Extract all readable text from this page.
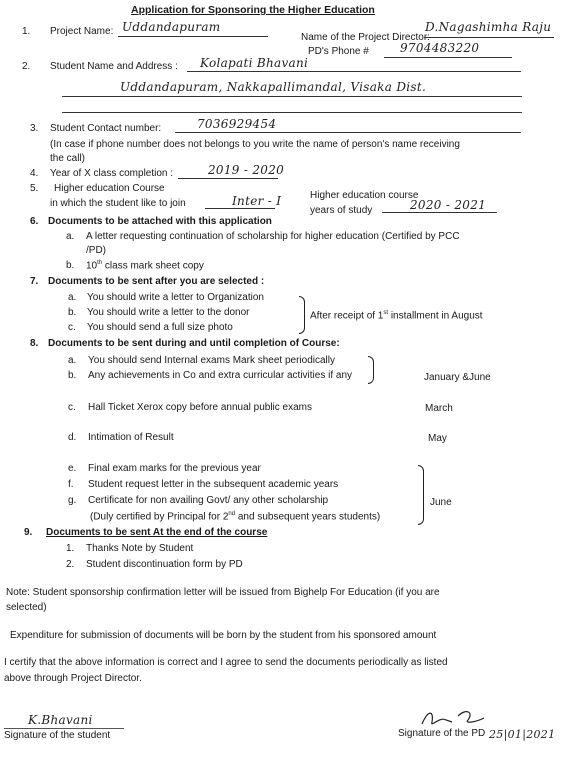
Application for Sponsoring the Higher Education
1. Project Name: Uddandapuram
Name of the Project Director:
D.Nagashimha Raju
PD's Phone #	9704483220
2. Student Name and Address : Kolapati Bhavani
Uddandapuram, Nakkapallimandal, Visaka Dist.
3. Student Contact number:	7036929454
(In case if phone number does not belongs to you write the name of person's name receiving
the call)
4. Year of X class completion :	2019 - 2020
5. Higher education Course
in which the student like to join	Inter - I	Higher education course
years of study	2020 - 2021
6. Documents to be attached with this application
a. A letter requesting continuation of scholarship for higher education (Certified by PCC
/PD)
b. 10th class mark sheet copy
7. Documents to be sent after you are selected :
a. You should write a letter to Organization
b. You should write a letter to the donor
c. You should send a full size photo
After receipt of 1st installment in August
8. Documents to be sent during and until completion of Course:
a. You should send Internal exams Mark sheet periodically
b. Any achievements in Co and extra curricular activities if any	January &June
c. Hall Ticket Xerox copy before annual public exams	March
d. Intimation of Result	May
e. Final exam marks for the previous year
f. Student request letter in the subsequent academic years
g. Certificate for non availing Govt/ any other scholarship
(Duly certified by Principal for 2nd and subsequent years students)
June
9. Documents to be sent At the end of the course
1. Thanks Note by Student
2. Student discontinuation form by PD
Note: Student sponsorship confirmation letter will be issued from Bighelp For Education (if you are
selected)
Expenditure for submission of documents will be born by the student from his sponsored amount
I certify that the above information is correct and I agree to send the documents periodically as listed
above through Project Director.
K.Bhavani
Signature of the student	Signature of the PD 25|01|2021
